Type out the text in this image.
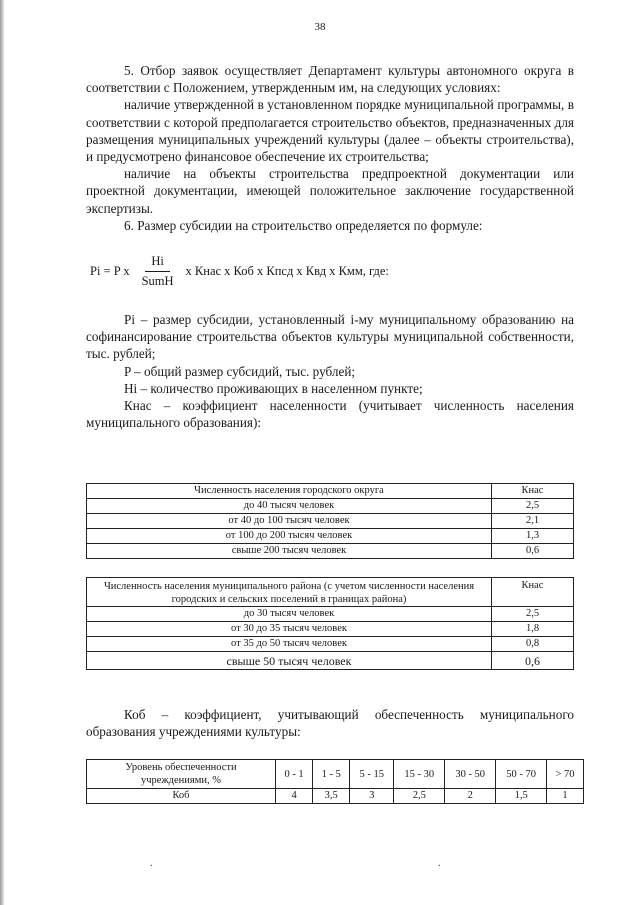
38

5. Отбор заявок осуществляет Департамент культуры автономного округа в соответствии с Положением, утвержденным им, на следующих условиях:

наличие утвержденной в установленном порядке муниципальной программы, в соответствии с которой предполагается строительство объектов, предназначенных для размещения муниципальных учреждений культуры (далее – объекты строительства), и предусмотрено финансовое обеспечение их строительства;

наличие на объекты строительства предпроектной документации или проектной документации, имеющей положительное заключение государственной экспертизы.

6. Размер субсидии на строительство определяется по формуле:

Pi = P x $\frac{Hi}{\text{SumH}}$ x Кнас x Коб x Кпсд x Квд x Кмм, где:

Pi – размер субсидии, установленный i-му муниципальному образованию на софинансирование строительства объектов культуры муниципальной собственности, тыс. рублей;

P – общий размер субсидий, тыс. рублей;

Hi – количество проживающих в населенном пункте;

Кнас – коэффициент населенности (учитывает численность населения муниципального образования):

Численность населения городского округа	Кнас
до 40 тысяч человек	2,5
от 40 до 100 тысяч человек	2,1
от 100 до 200 тысяч человек	1,3
свыше 200 тысяч человек	0,6
Численность населения муниципального района (с учетом численности населения городских и сельских поселений в границах района)	Кнас
до 30 тысяч человек	2,5
от 30 до 35 тысяч человек	1,8
от 35 до 50 тысяч человек	0,8
свыше 50 тысяч человек	0,6

Коб – коэффициент, учитывающий обеспеченность муниципального образования учреждениями культуры:

Уровень обеспеченности учреждениями, %	0 - 1	1 - 5	5 - 15	15 - 30	30 - 50	50 - 70	> 70
Коб	4	3,5	3	2,5	2	1,5	1
.	.
